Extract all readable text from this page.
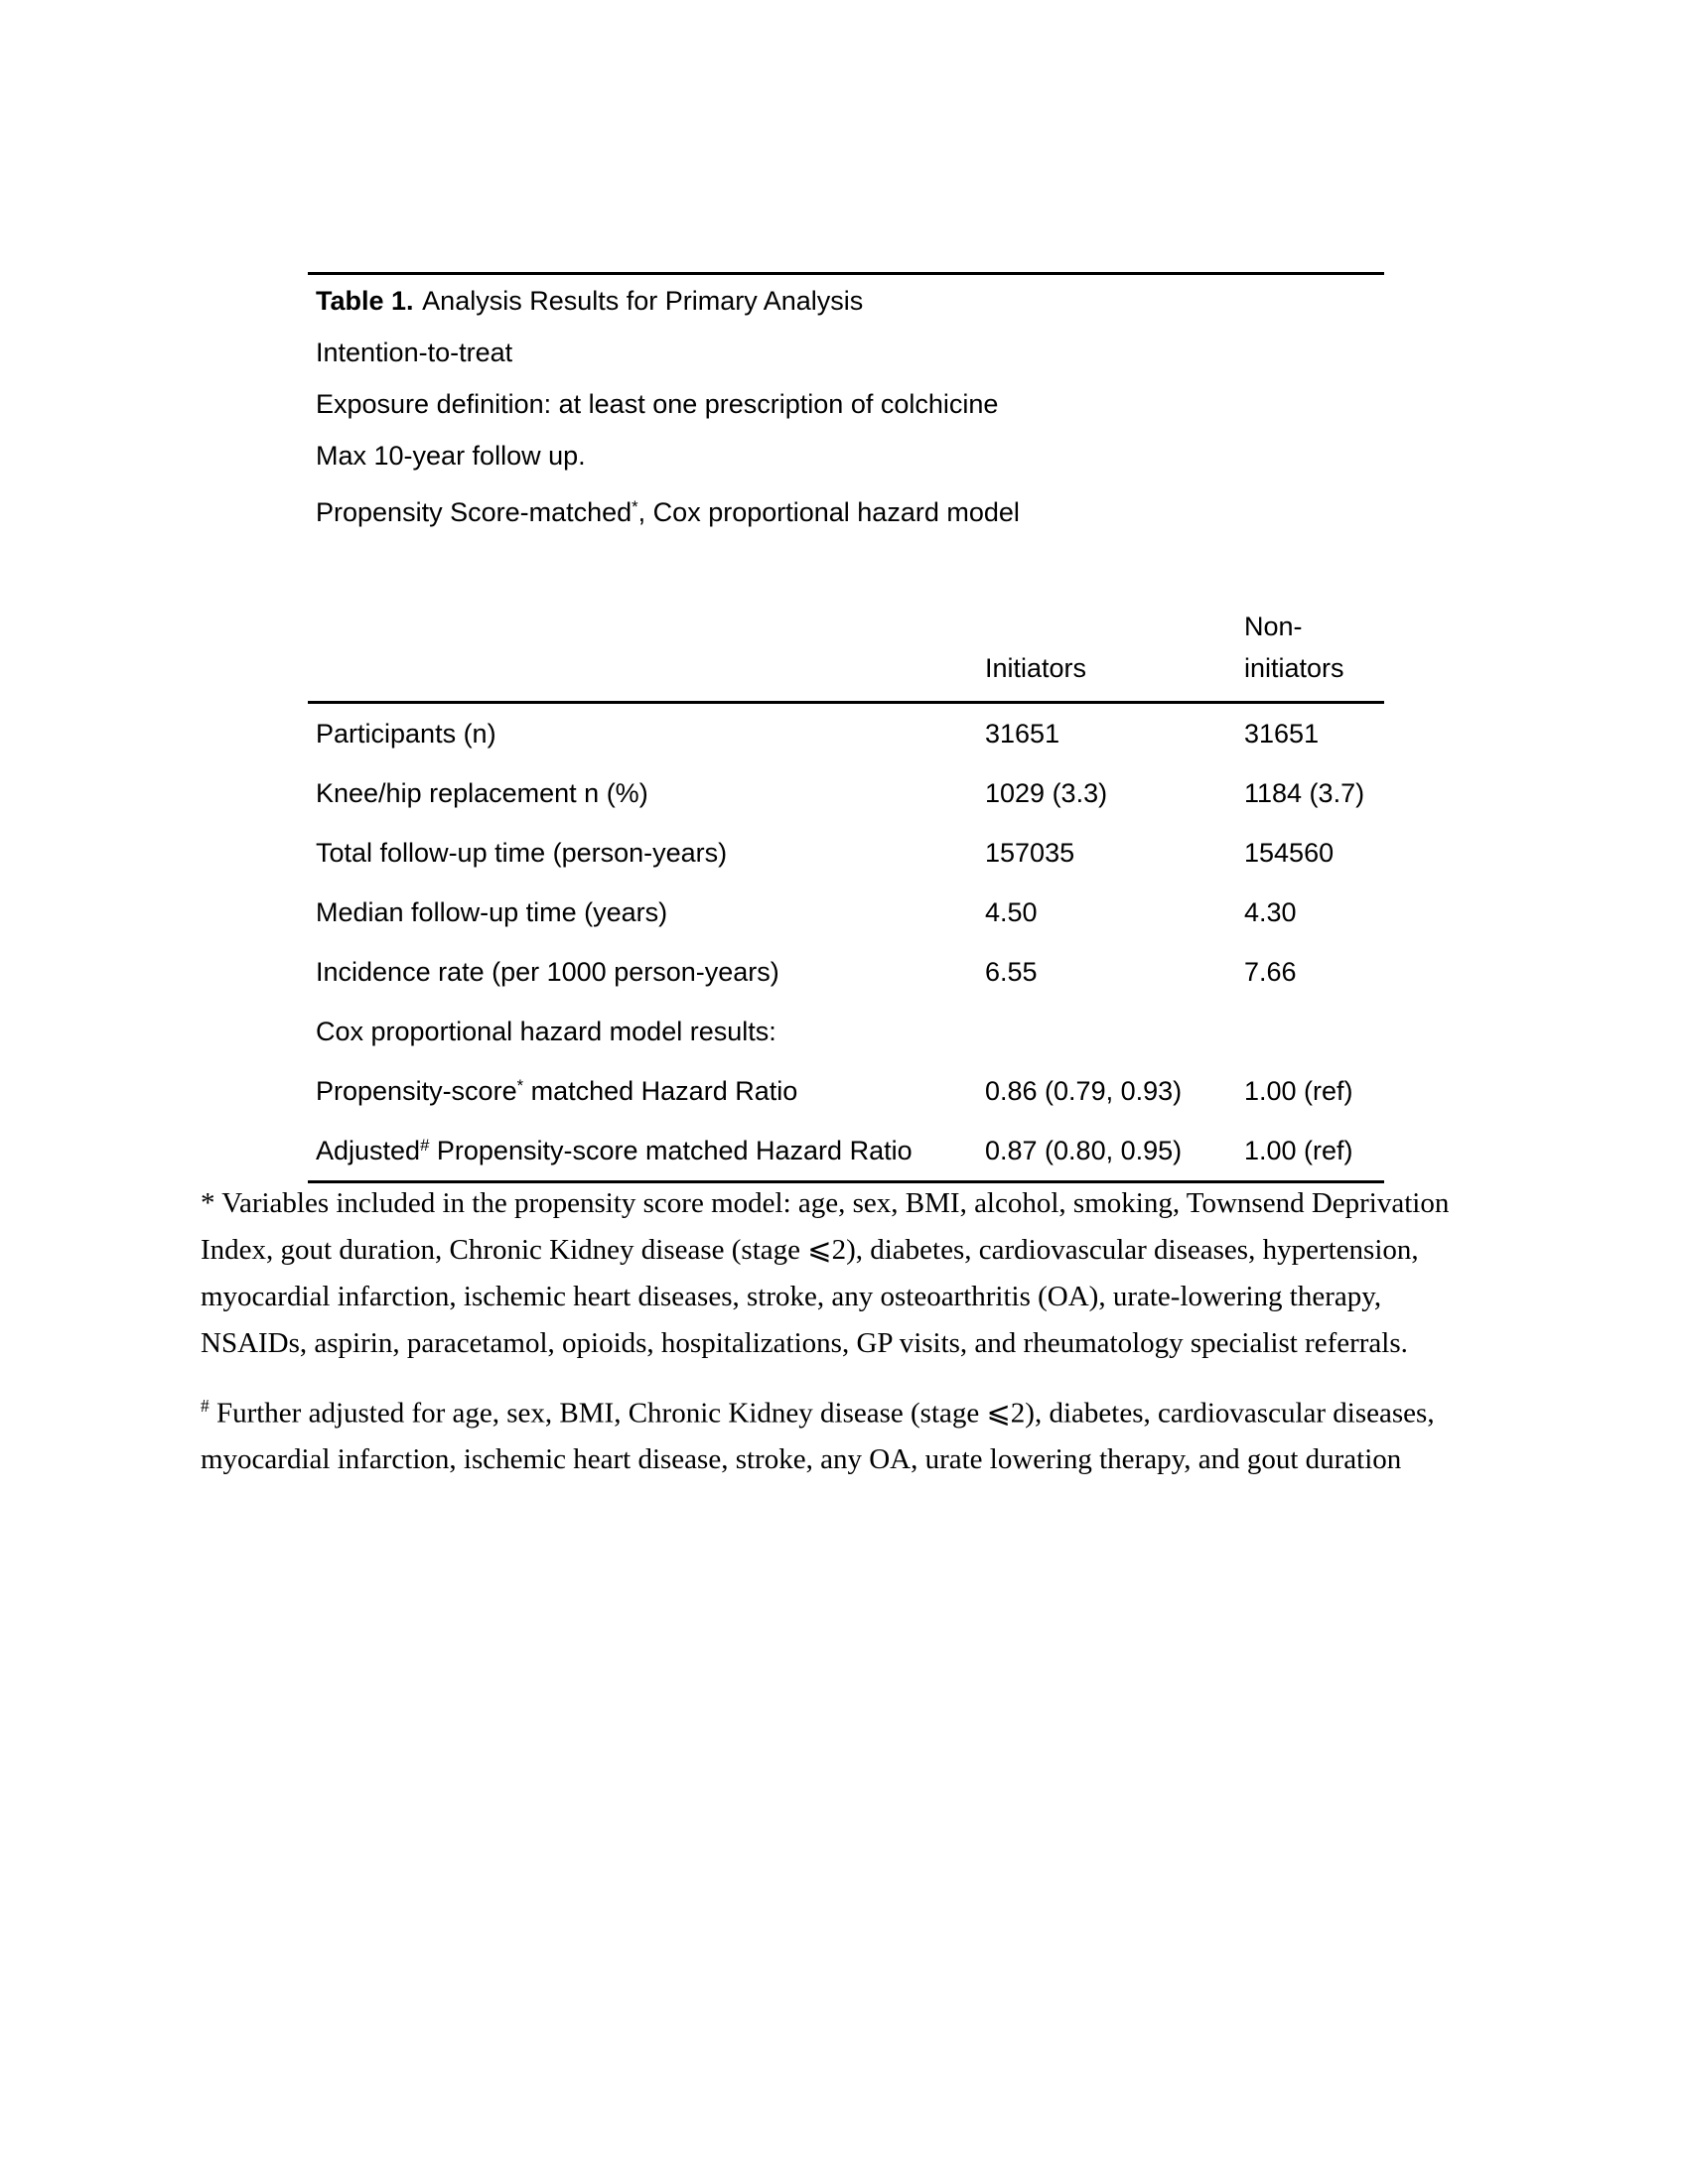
Table 1. Analysis Results for Primary Analysis
Intention-to-treat
Exposure definition: at least one prescription of colchicine
Max 10-year follow up.
Propensity Score-matched*, Cox proportional hazard model
Initiators
Non-initiators
Participants (n)	31651	31651
Knee/hip replacement n (%)	1029 (3.3)	1184 (3.7)
Total follow-up time (person-years)	157035	154560
Median follow-up time (years)	4.50	4.30
Incidence rate (per 1000 person-years)	6.55	7.66
Cox proportional hazard model results:
Propensity-score* matched Hazard Ratio	0.86 (0.79, 0.93)	1.00 (ref)
Adjusted# Propensity-score matched Hazard Ratio	0.87 (0.80, 0.95)	1.00 (ref)

* Variables included in the propensity score model: age, sex, BMI, alcohol, smoking, Townsend Deprivation Index, gout duration, Chronic Kidney disease (stage ⩽2), diabetes, cardiovascular diseases, hypertension, myocardial infarction, ischemic heart diseases, stroke, any osteoarthritis (OA), urate-lowering therapy, NSAIDs, aspirin, paracetamol, opioids, hospitalizations, GP visits, and rheumatology specialist referrals.

# Further adjusted for age, sex, BMI, Chronic Kidney disease (stage ⩽2), diabetes, cardiovascular diseases, myocardial infarction, ischemic heart disease, stroke, any OA, urate lowering therapy, and gout duration
